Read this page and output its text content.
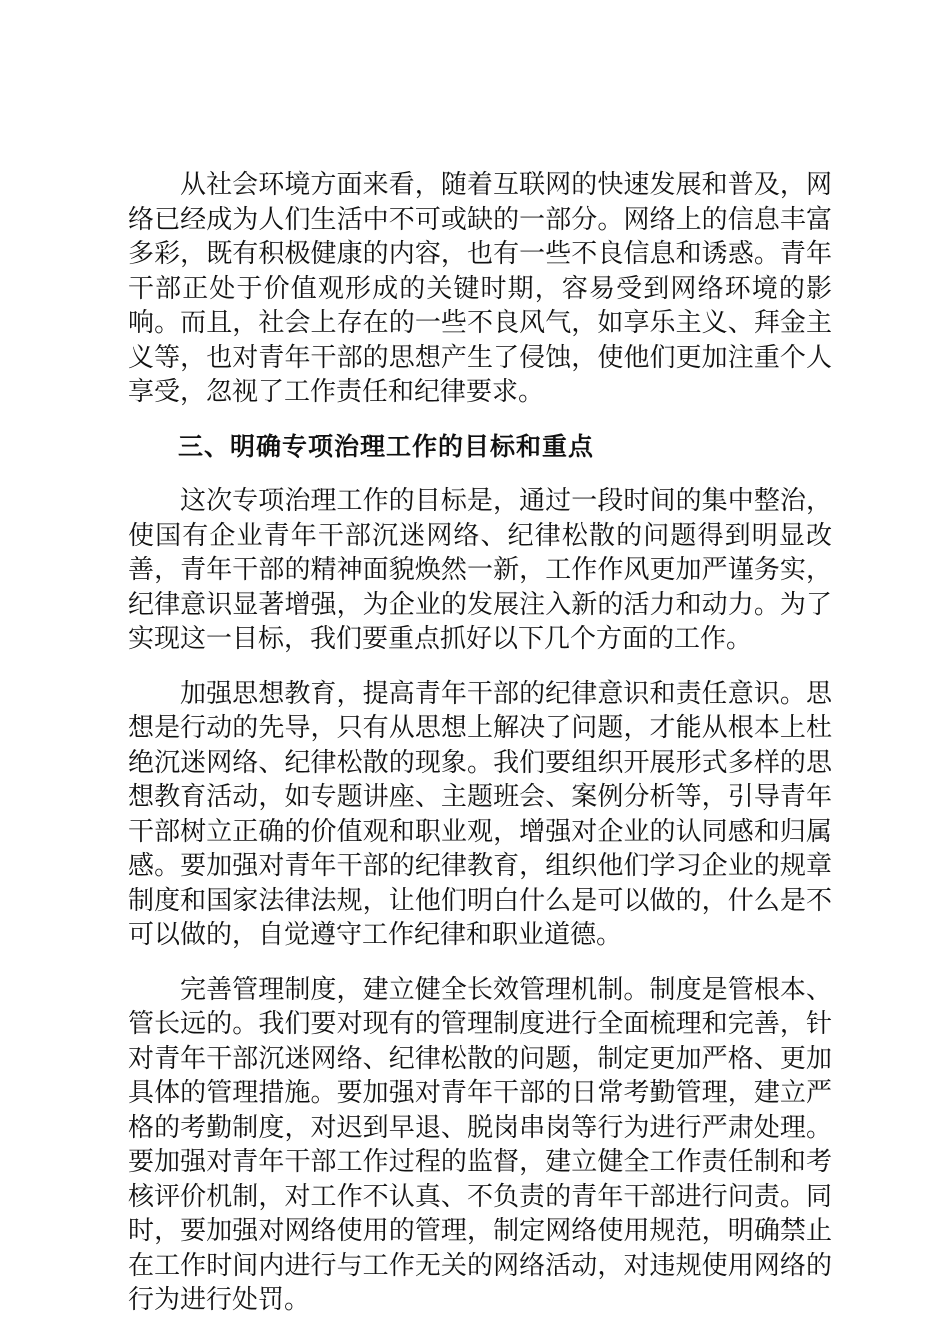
从社会环境方面来看，随着互联网的快速发展和普及，网络已经成为人们生活中不可或缺的一部分。网络上的信息丰富多彩，既有积极健康的内容，也有一些不良信息和诱惑。青年干部正处于价值观形成的关键时期，容易受到网络环境的影响。而且，社会上存在的一些不良风气，如享乐主义、拜金主义等，也对青年干部的思想产生了侵蚀，使他们更加注重个人享受，忽视了工作责任和纪律要求。

三、明确专项治理工作的目标和重点

这次专项治理工作的目标是，通过一段时间的集中整治，使国有企业青年干部沉迷网络、纪律松散的问题得到明显改善，青年干部的精神面貌焕然一新，工作作风更加严谨务实，纪律意识显著增强，为企业的发展注入新的活力和动力。为了实现这一目标，我们要重点抓好以下几个方面的工作。

加强思想教育，提高青年干部的纪律意识和责任意识。思想是行动的先导，只有从思想上解决了问题，才能从根本上杜绝沉迷网络、纪律松散的现象。我们要组织开展形式多样的思想教育活动，如专题讲座、主题班会、案例分析等，引导青年干部树立正确的价值观和职业观，增强对企业的认同感和归属感。要加强对青年干部的纪律教育，组织他们学习企业的规章制度和国家法律法规，让他们明白什么是可以做的，什么是不可以做的，自觉遵守工作纪律和职业道德。

完善管理制度，建立健全长效管理机制。制度是管根本、管长远的。我们要对现有的管理制度进行全面梳理和完善，针对青年干部沉迷网络、纪律松散的问题，制定更加严格、更加具体的管理措施。要加强对青年干部的日常考勤管理，建立严格的考勤制度，对迟到早退、脱岗串岗等行为进行严肃处理。要加强对青年干部工作过程的监督，建立健全工作责任制和考核评价机制，对工作不认真、不负责的青年干部进行问责。同时，要加强对网络使用的管理，制定网络使用规范，明确禁止在工作时间内进行与工作无关的网络活动，对违规使用网络的行为进行处罚。
